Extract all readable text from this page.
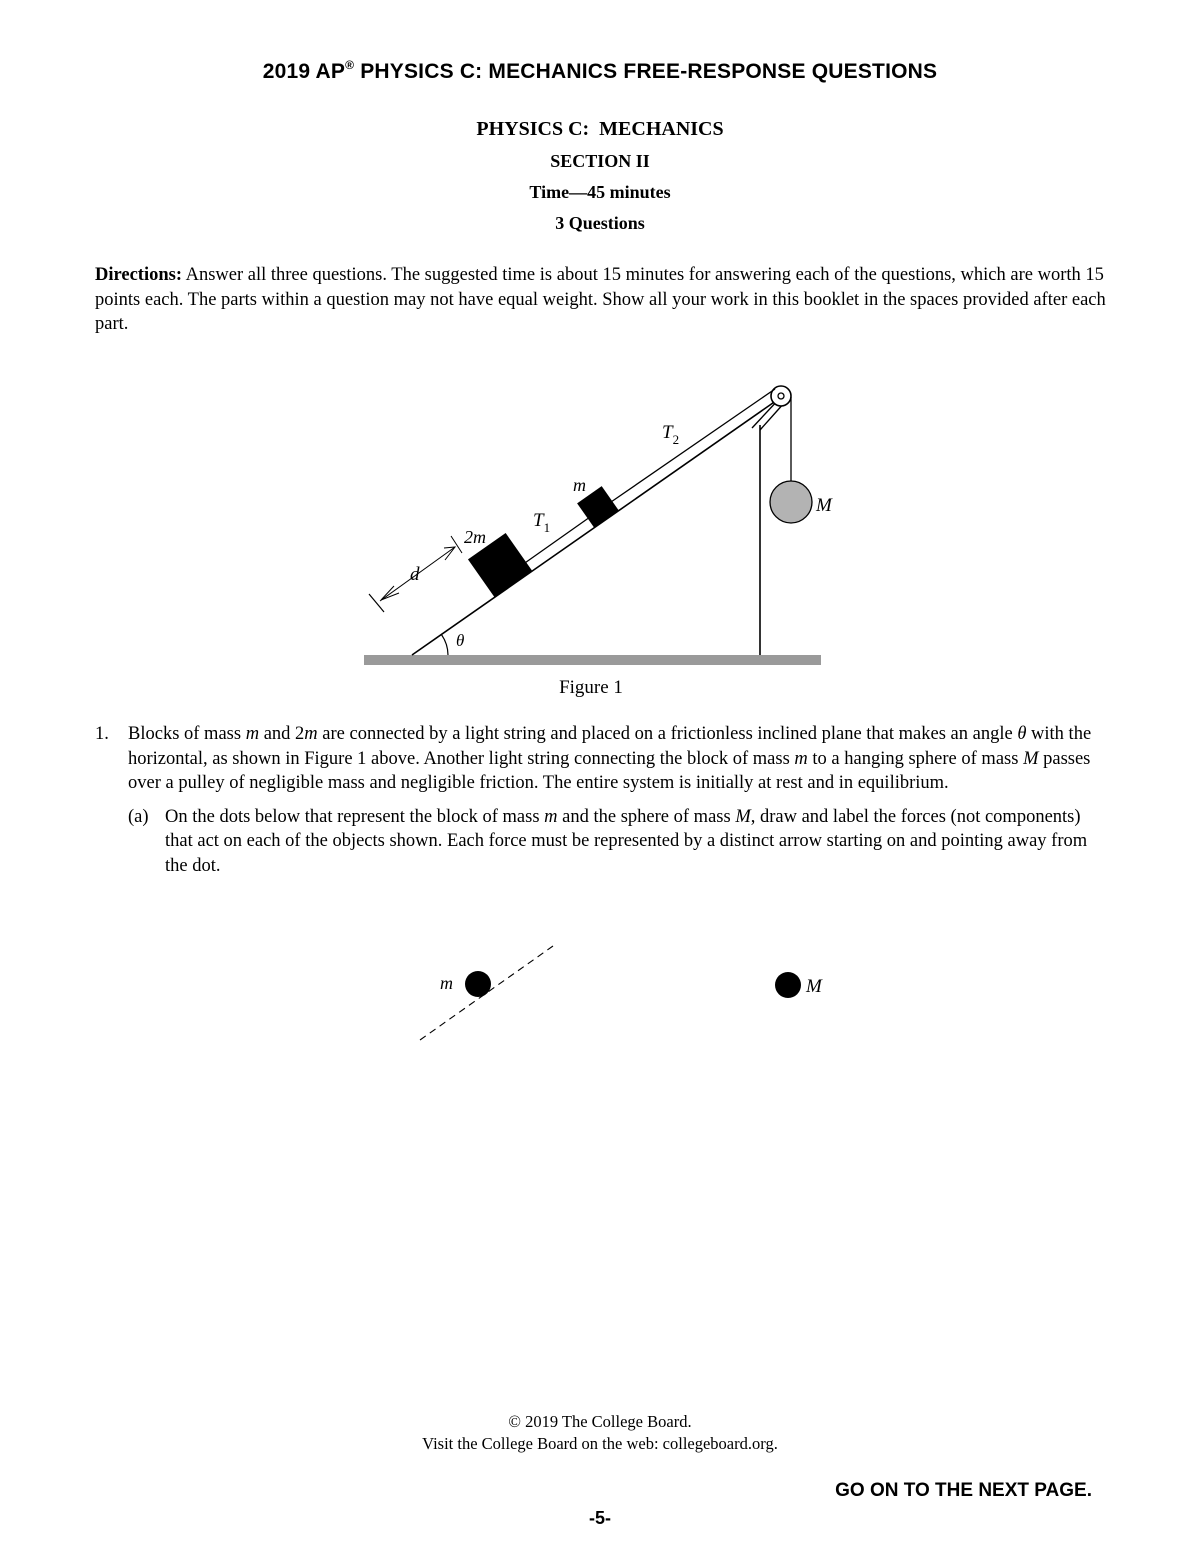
2019 AP® PHYSICS C: MECHANICS FREE-RESPONSE QUESTIONS
PHYSICS C:  MECHANICS
SECTION II
Time—45 minutes
3 Questions
Directions: Answer all three questions. The suggested time is about 15 minutes for answering each of the questions, which are worth 15 points each. The parts within a question may not have equal weight. Show all your work in this booklet in the spaces provided after each part.
$T_2$
$T_1$
m
2m
M
d
θ
Figure 1
1.	Blocks of mass m and 2m are connected by a light string and placed on a frictionless inclined plane that makes an angle θ with the horizontal, as shown in Figure 1 above. Another light string connecting the block of mass m to a hanging sphere of mass M passes over a pulley of negligible mass and negligible friction. The entire system is initially at rest and in equilibrium.
(a) On the dots below that represent the block of mass m and the sphere of mass M, draw and label the forces (not components) that act on each of the objects shown. Each force must be represented by a distinct arrow starting on and pointing away from the dot.
m	M
© 2019 The College Board.
Visit the College Board on the web: collegeboard.org.
GO ON TO THE NEXT PAGE.
-5-
